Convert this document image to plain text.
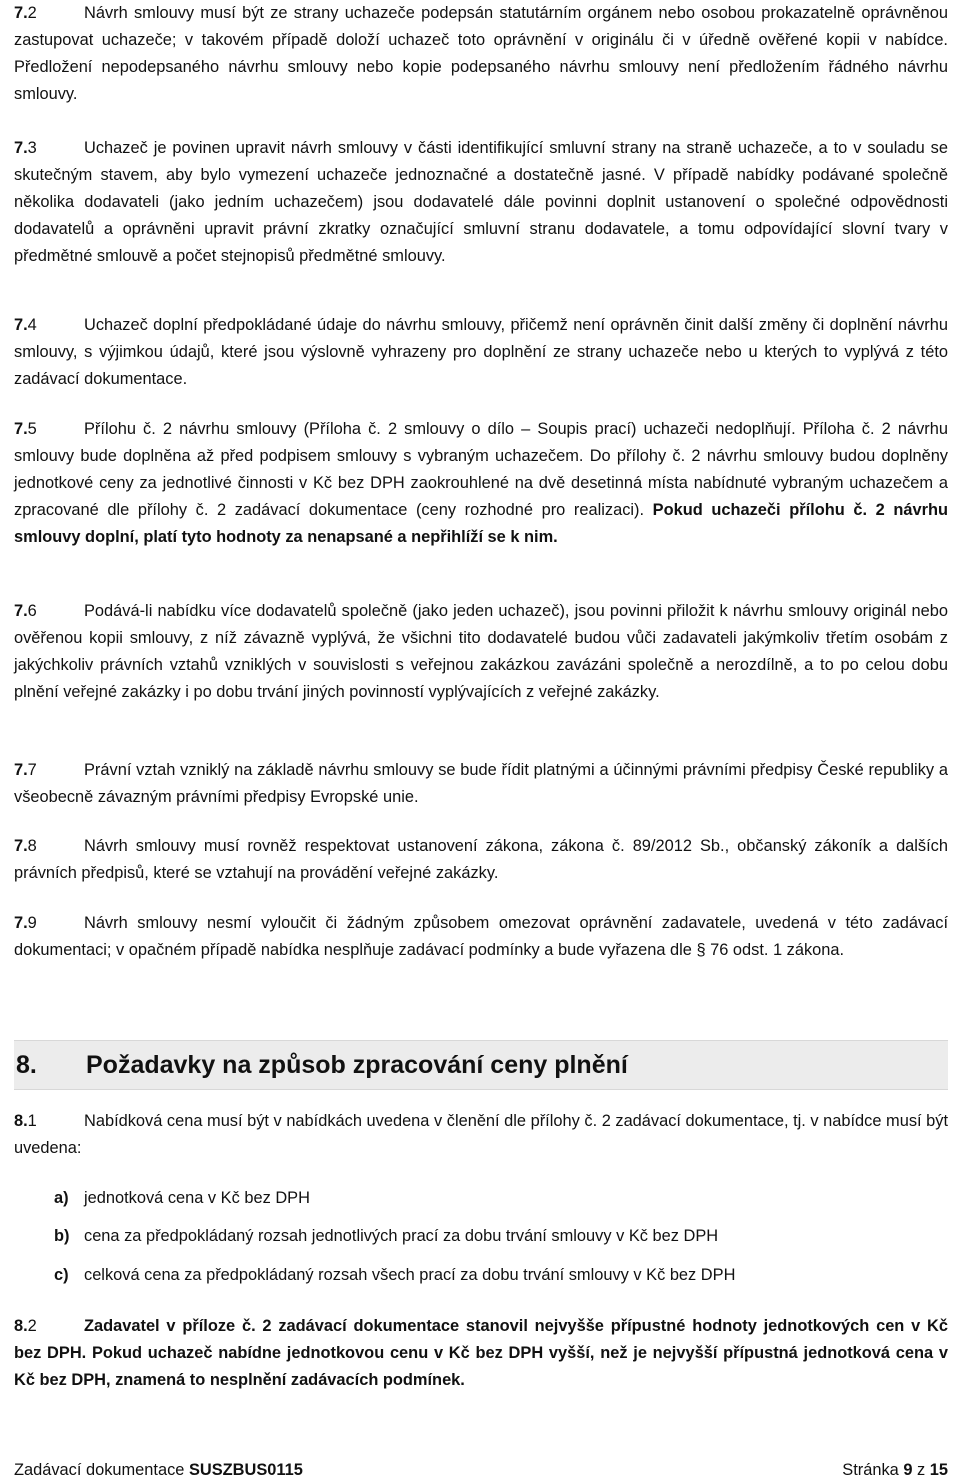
7.2	Návrh smlouvy musí být ze strany uchazeče podepsán statutárním orgánem nebo osobou prokazatelně oprávněnou zastupovat uchazeče; v takovém případě doloží uchazeč toto oprávnění v originálu či v úředně ověřené kopii v nabídce. Předložení nepodepsaného návrhu smlouvy nebo kopie podepsaného návrhu smlouvy není předložením řádného návrhu smlouvy.
7.3	Uchazeč je povinen upravit návrh smlouvy v části identifikující smluvní strany na straně uchazeče, a to v souladu se skutečným stavem, aby bylo vymezení uchazeče jednoznačné a dostatečně jasné. V případě nabídky podávané společně několika dodavateli (jako jedním uchazečem) jsou dodavatelé dále povinni doplnit ustanovení o společné odpovědnosti dodavatelů a oprávněni upravit právní zkratky označující smluvní stranu dodavatele, a tomu odpovídající slovní tvary v předmětné smlouvě a počet stejnopisů předmětné smlouvy.
7.4	Uchazeč doplní předpokládané údaje do návrhu smlouvy, přičemž není oprávněn činit další změny či doplnění návrhu smlouvy, s výjimkou údajů, které jsou výslovně vyhrazeny pro doplnění ze strany uchazeče nebo u kterých to vyplývá z této zadávací dokumentace.
7.5	Přílohu č. 2 návrhu smlouvy (Příloha č. 2 smlouvy o dílo – Soupis prací) uchazeči nedoplňují. Příloha č. 2 návrhu smlouvy bude doplněna až před podpisem smlouvy s vybraným uchazečem. Do přílohy č. 2 návrhu smlouvy budou doplněny jednotkové ceny za jednotlivé činnosti v Kč bez DPH zaokrouhlené na dvě desetinná místa nabídnuté vybraným uchazečem a zpracované dle přílohy č. 2 zadávací dokumentace (ceny rozhodné pro realizaci). Pokud uchazeči přílohu č. 2 návrhu smlouvy doplní, platí tyto hodnoty za nenapsané a nepřihlíží se k nim.
7.6	Podává-li nabídku více dodavatelů společně (jako jeden uchazeč), jsou povinni přiložit k návrhu smlouvy originál nebo ověřenou kopii smlouvy, z níž závazně vyplývá, že všichni tito dodavatelé budou vůči zadavateli jakýmkoliv třetím osobám z jakýchkoliv právních vztahů vzniklých v souvislosti s veřejnou zakázkou zavázáni společně a nerozdílně, a to po celou dobu plnění veřejné zakázky i po dobu trvání jiných povinností vyplývajících z veřejné zakázky.
7.7	Právní vztah vzniklý na základě návrhu smlouvy se bude řídit platnými a účinnými právními předpisy České republiky a všeobecně závazným právními předpisy Evropské unie.
7.8	Návrh smlouvy musí rovněž respektovat ustanovení zákona, zákona č. 89/2012 Sb., občanský zákoník a dalších právních předpisů, které se vztahují na provádění veřejné zakázky.
7.9	Návrh smlouvy nesmí vyloučit či žádným způsobem omezovat oprávnění zadavatele, uvedená v této zadávací dokumentaci; v opačném případě nabídka nesplňuje zadávací podmínky a bude vyřazena dle § 76 odst. 1 zákona.
8. Požadavky na způsob zpracování ceny plnění
8.1	Nabídková cena musí být v nabídkách uvedena v členění dle přílohy č. 2 zadávací dokumentace, tj. v nabídce musí být uvedena:
a) jednotková cena v Kč bez DPH
b) cena za předpokládaný rozsah jednotlivých prací za dobu trvání smlouvy v Kč bez DPH
c) celková cena za předpokládaný rozsah všech prací za dobu trvání smlouvy v Kč bez DPH
8.2	Zadavatel v příloze č. 2 zadávací dokumentace stanovil nejvyšše přípustné hodnoty jednotkových cen v Kč bez DPH. Pokud uchazeč nabídne jednotkovou cenu v Kč bez DPH vyšší, než je nejvyšší přípustná jednotková cena v Kč bez DPH, znamená to nesplnění zadávacích podmínek.
Zadávací dokumentace SUSZBUS0115	Stránka 9 z 15
